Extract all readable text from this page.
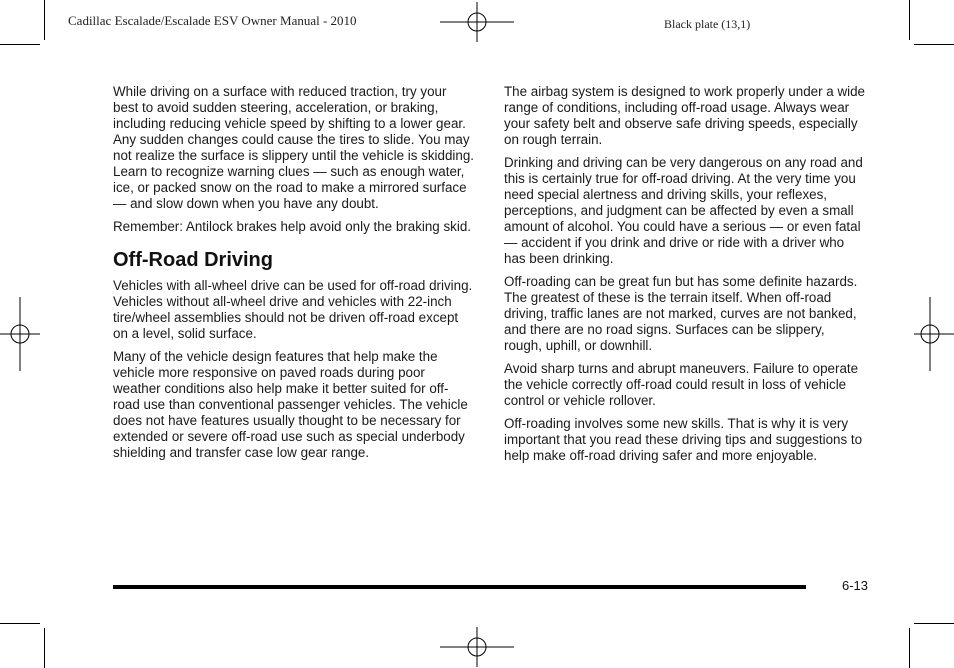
Cadillac Escalade/Escalade ESV Owner Manual - 2010	Black plate (13,1)

While driving on a surface with reduced traction, try your best to avoid sudden steering, acceleration, or braking, including reducing vehicle speed by shifting to a lower gear. Any sudden changes could cause the tires to slide. You may not realize the surface is slippery until the vehicle is skidding. Learn to recognize warning clues — such as enough water, ice, or packed snow on the road to make a mirrored surface — and slow down when you have any doubt.

Remember: Antilock brakes help avoid only the braking skid.

Off-Road Driving

Vehicles with all-wheel drive can be used for off-road driving. Vehicles without all-wheel drive and vehicles with 22-inch tire/wheel assemblies should not be driven off-road except on a level, solid surface.

Many of the vehicle design features that help make the vehicle more responsive on paved roads during poor weather conditions also help make it better suited for off-road use than conventional passenger vehicles. The vehicle does not have features usually thought to be necessary for extended or severe off-road use such as special underbody shielding and transfer case low gear range.

The airbag system is designed to work properly under a wide range of conditions, including off-road usage. Always wear your safety belt and observe safe driving speeds, especially on rough terrain.

Drinking and driving can be very dangerous on any road and this is certainly true for off-road driving. At the very time you need special alertness and driving skills, your reflexes, perceptions, and judgment can be affected by even a small amount of alcohol. You could have a serious — or even fatal — accident if you drink and drive or ride with a driver who has been drinking.

Off-roading can be great fun but has some definite hazards. The greatest of these is the terrain itself. When off-road driving, traffic lanes are not marked, curves are not banked, and there are no road signs. Surfaces can be slippery, rough, uphill, or downhill.

Avoid sharp turns and abrupt maneuvers. Failure to operate the vehicle correctly off-road could result in loss of vehicle control or vehicle rollover.

Off-roading involves some new skills. That is why it is very important that you read these driving tips and suggestions to help make off-road driving safer and more enjoyable.

6-13
